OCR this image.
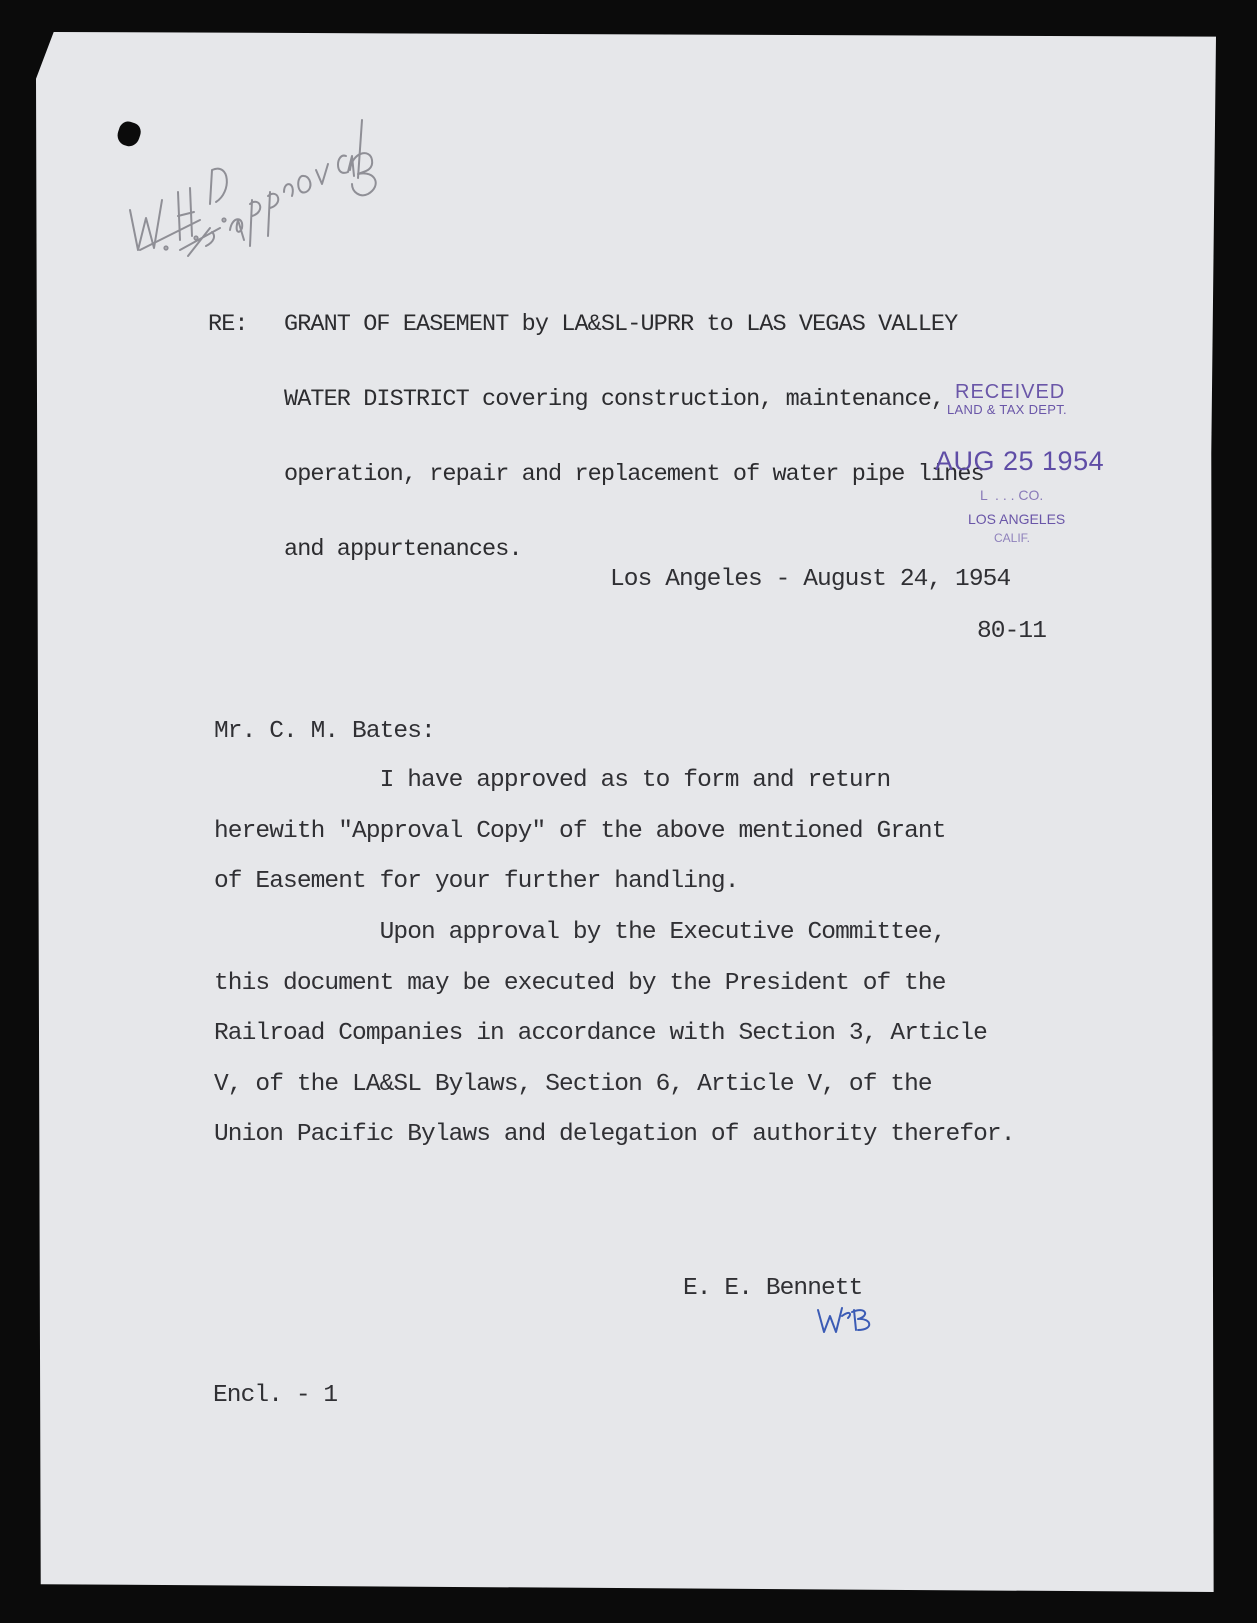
RE: GRANT OF EASEMENT by LA&SL-UPRR to LAS VEGAS VALLEY

WATER DISTRICT covering construction, maintenance,

operation, repair and replacement of water pipe lines

and appurtenances.

RECEIVED
LAND & TAX DEPT.
AUG 25 1954
L  . . . CO.
LOS ANGELES
CALIF.

Los Angeles - August 24, 1954

80-11

Mr. C. M. Bates:

I have approved as to form and return
herewith "Approval Copy" of the above mentioned Grant
of Easement for your further handling.

Upon approval by the Executive Committee,
this document may be executed by the President of the
Railroad Companies in accordance with Section 3, Article
V, of the LA&SL Bylaws, Section 6, Article V, of the
Union Pacific Bylaws and delegation of authority therefor.

E. E. Bennett

Encl. - 1
